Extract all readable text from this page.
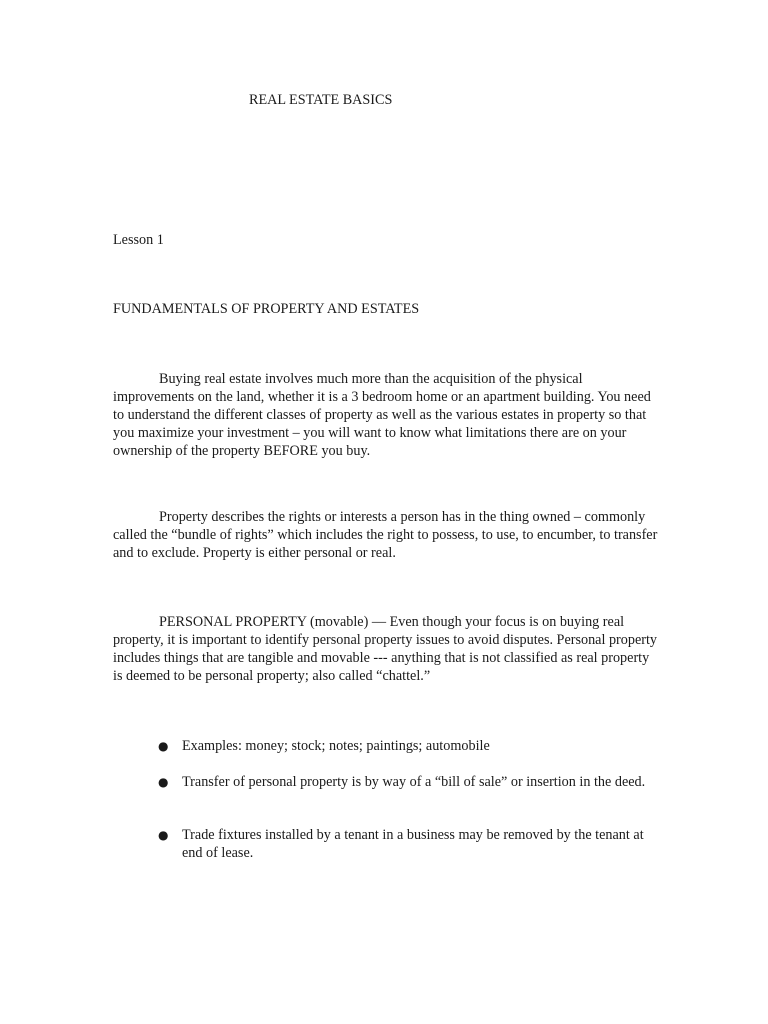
REAL ESTATE BASICS
Lesson 1
FUNDAMENTALS OF PROPERTY AND ESTATES

Buying real estate involves much more than the acquisition of the physical improvements on the land, whether it is a 3 bedroom home or an apartment building. You need to understand the different classes of property as well as the various estates in property so that you maximize your investment – you will want to know what limitations there are on your ownership of the property BEFORE you buy.

Property describes the rights or interests a person has in the thing owned – commonly called the “bundle of rights” which includes the right to possess, to use, to encumber, to transfer and to exclude. Property is either personal or real.

PERSONAL PROPERTY (movable) — Even though your focus is on buying real property, it is important to identify personal property issues to avoid disputes. Personal property includes things that are tangible and movable --- anything that is not classified as real property is deemed to be personal property; also called “chattel.”

● Examples: money; stock; notes; paintings; automobile
● Transfer of personal property is by way of a “bill of sale” or insertion in the deed.
● Trade fixtures installed by a tenant in a business may be removed by the tenant at end of lease.
